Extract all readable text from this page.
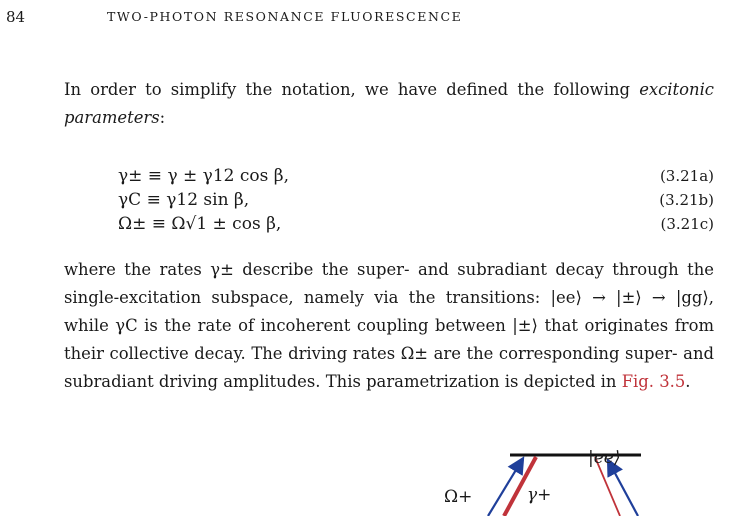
84	TWO-PHOTON RESONANCE FLUORESCENCE
In order to simplify the notation, we have defined the following excitonic
parameters:
γ± ≡ γ ± γ12 cos β,	(3.21a)
γC ≡ γ12 sin β,	(3.21b)
Ω± ≡ Ω√1 ± cos β,	(3.21c)
where the rates γ± describe the super- and subradiant decay through the
single-excitation subspace, namely via the transitions: |ee⟩ → |±⟩ → |gg⟩,
while γC is the rate of incoherent coupling between |±⟩ that originates from
their collective decay. The driving rates Ω± are the corresponding super- and
subradiant driving amplitudes. This parametrization is depicted in Fig. 3.5.
|ee⟩
Ω+	γ+
